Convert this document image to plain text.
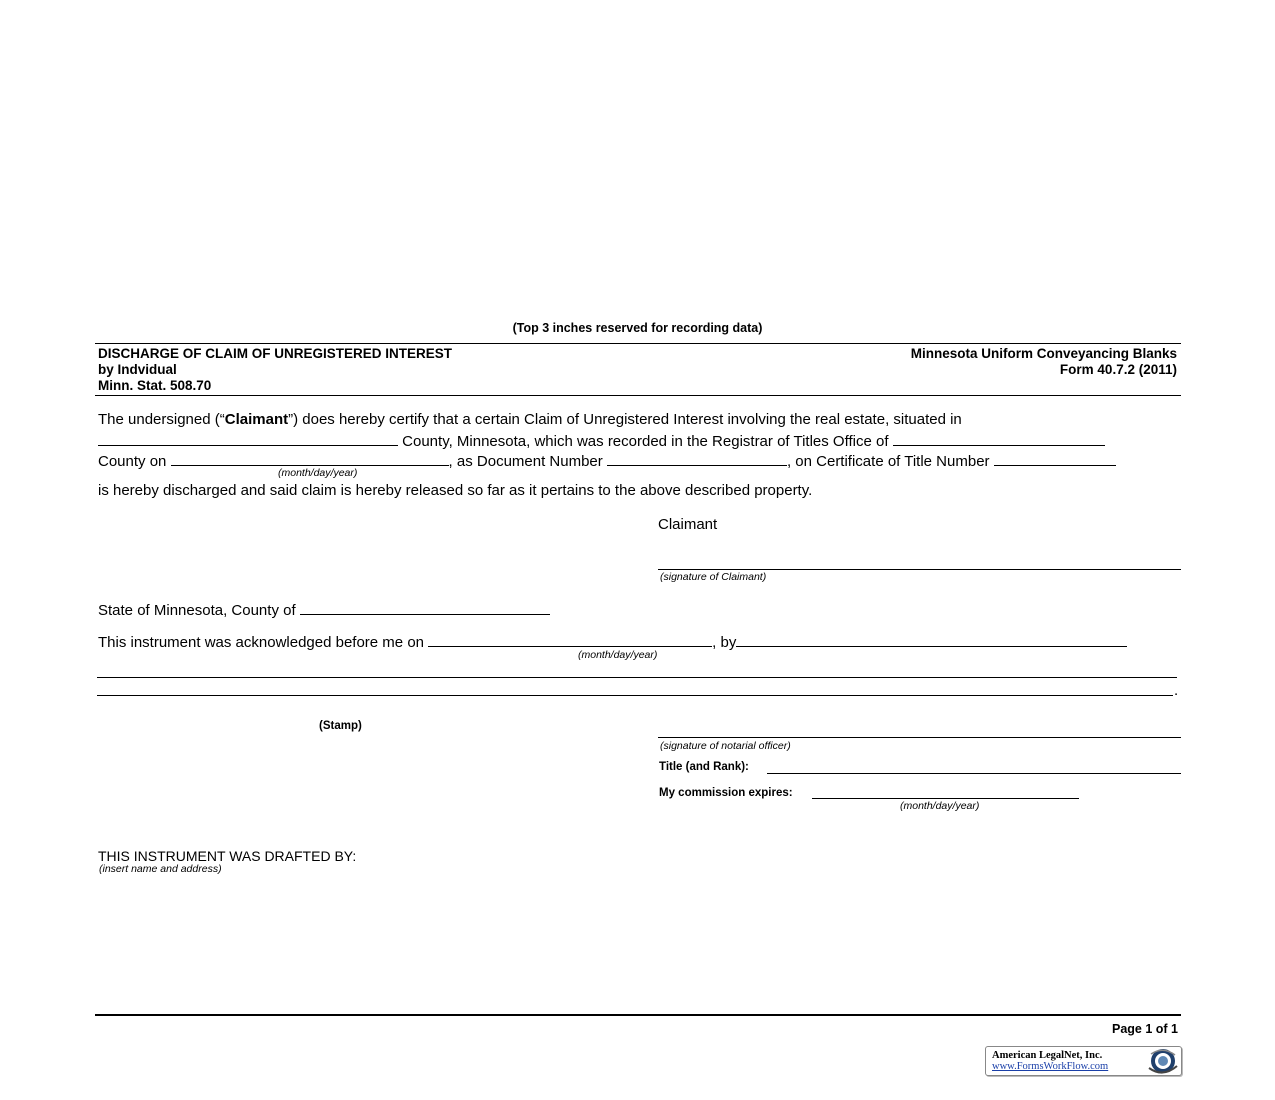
(Top 3 inches reserved for recording data)
DISCHARGE OF CLAIM OF UNREGISTERED INTEREST
by Indvidual
Minn. Stat. 508.70
Minnesota Uniform Conveyancing Blanks
Form 40.7.2 (2011)
The undersigned (“Claimant”) does hereby certify that a certain Claim of Unregistered Interest involving the real estate, situated in
County, Minnesota, which was recorded in the Registrar of Titles Office of
County on	, as Document Number	, on Certificate of Title Number
(month/day/year)
is hereby discharged and said claim is hereby released so far as it pertains to the above described property.
Claimant
(signature of Claimant)
State of Minnesota, County of
This instrument was acknowledged before me on	, by
(month/day/year)
.
(Stamp)
(signature of notarial officer)
Title (and Rank):
My commission expires:
(month/day/year)
THIS INSTRUMENT WAS DRAFTED BY:
(insert name and address)
Page 1 of 1
American LegalNet, Inc.
www.FormsWorkFlow.com
